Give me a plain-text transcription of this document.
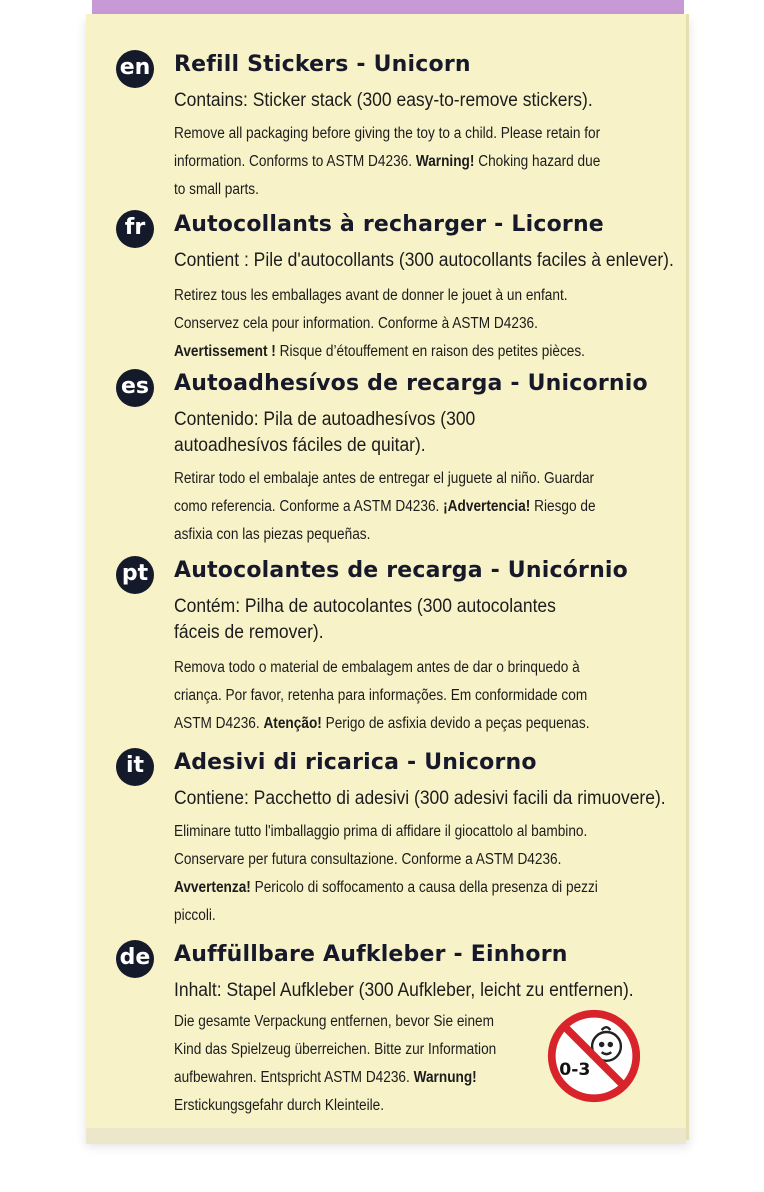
en Refill Stickers - Unicorn
Contains: Sticker stack (300 easy-to-remove stickers).
Remove all packaging before giving the toy to a child. Please retain for information. Conforms to ASTM D4236. Warning! Choking hazard due to small parts.
fr	Autocollants à recharger - Licorne
Contient : Pile d'autocollants (300 autocollants faciles à enlever).
Retirez tous les emballages avant de donner le jouet à un enfant. Conservez cela pour information. Conforme à ASTM D4236. Avertissement ! Risque d’étouffement en raison des petites pièces.
es Autoadhesívos de recarga - Unicornio
Contenido: Pila de autoadhesívos (300 autoadhesívos fáciles de quitar).
Retirar todo el embalaje antes de entregar el juguete al niño. Guardar como referencia. Conforme a ASTM D4236. ¡Advertencia! Riesgo de asfixia con las piezas pequeñas.
pt Autocolantes de recarga - Unicórnio
Contém: Pilha de autocolantes (300 autocolantes fáceis de remover).
Remova todo o material de embalagem antes de dar o brinquedo à criança. Por favor, retenha para informações. Em conformidade com ASTM D4236. Atenção! Perigo de asfixia devido a peças pequenas.
it	Adesivi di ricarica - Unicorno
Contiene: Pacchetto di adesivi (300 adesivi facili da rimuovere).
Eliminare tutto l'imballaggio prima di affidare il giocattolo al bambino. Conservare per futura consultazione. Conforme a ASTM D4236. Avvertenza! Pericolo di soffocamento a causa della presenza di pezzi piccoli.
de Auffüllbare Aufkleber - Einhorn
Inhalt: Stapel Aufkleber (300 Aufkleber, leicht zu entfernen).
Die gesamte Verpackung entfernen, bevor Sie einem Kind das Spielzeug überreichen. Bitte zur Information aufbewahren. Entspricht ASTM D4236. Warnung! Erstickungsgefahr durch Kleinteile.
0-3
